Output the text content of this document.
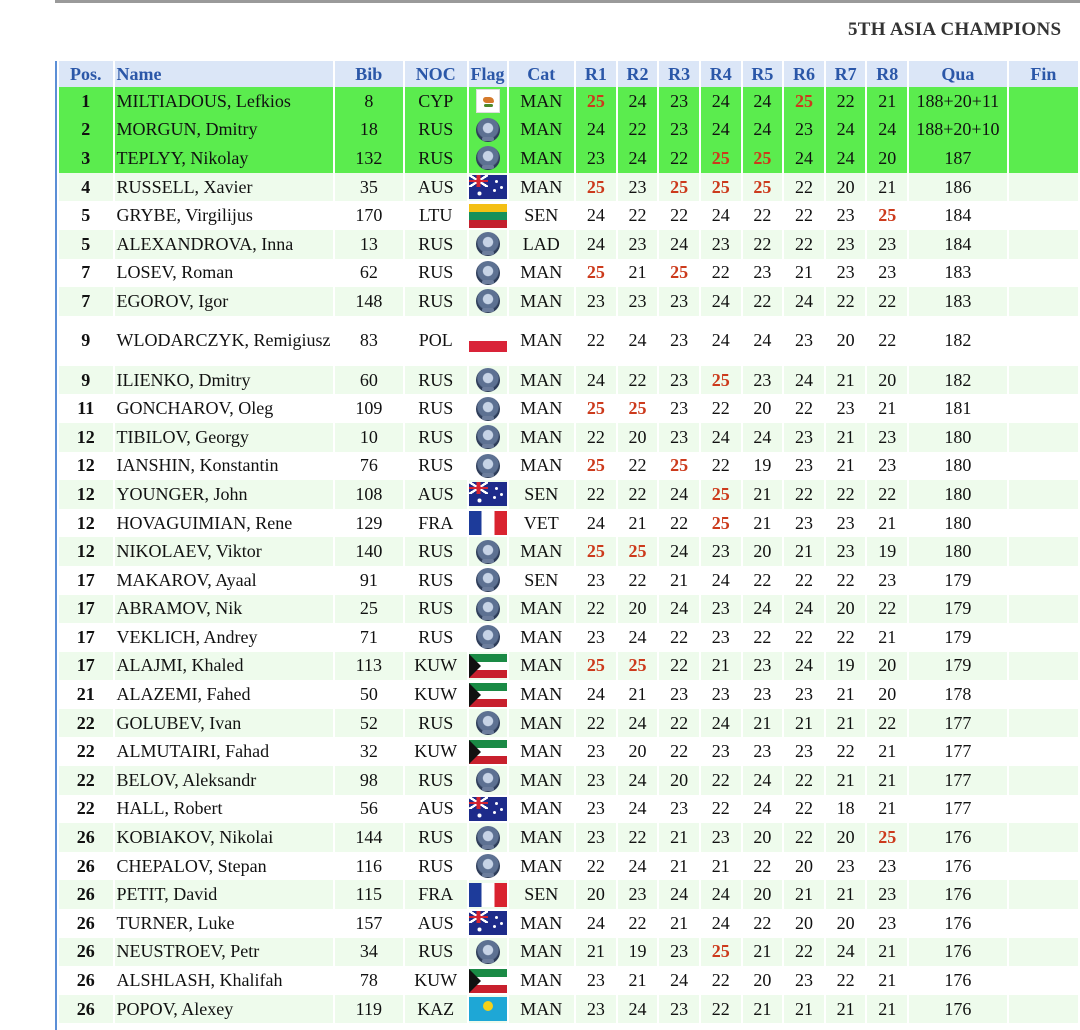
5TH ASIA CHAMPIONS
Pos.	Name	Bib	NOC	Flag	Cat	R1	R2	R3	R4	R5	R6	R7	R8	Qua	Fin
1	MILTIADOUS, Lefkios	8	CYP		MAN	25	24	23	24	24	25	22	21	188+20+11	
2	MORGUN, Dmitry	18	RUS		MAN	24	22	23	24	24	23	24	24	188+20+10	
3	TEPLYY, Nikolay	132	RUS		MAN	23	24	22	25	25	24	24	20	187	
4	RUSSELL, Xavier	35	AUS		MAN	25	23	25	25	25	22	20	21	186	
5	GRYBE, Virgilijus	170	LTU		SEN	24	22	22	24	22	22	23	25	184	
5	ALEXANDROVA, Inna	13	RUS		LAD	24	23	24	23	22	22	23	23	184	
7	LOSEV, Roman	62	RUS		MAN	25	21	25	22	23	21	23	23	183	
7	EGOROV, Igor	148	RUS		MAN	23	23	23	24	22	24	22	22	183	
9	WLODARCZYK, Remigiusz	83	POL		MAN	22	24	23	24	24	23	20	22	182	
9	ILIENKO, Dmitry	60	RUS		MAN	24	22	23	25	23	24	21	20	182	
11	GONCHAROV, Oleg	109	RUS		MAN	25	25	23	22	20	22	23	21	181	
12	TIBILOV, Georgy	10	RUS		MAN	22	20	23	24	24	23	21	23	180	
12	IANSHIN, Konstantin	76	RUS		MAN	25	22	25	22	19	23	21	23	180	
12	YOUNGER, John	108	AUS		SEN	22	22	24	25	21	22	22	22	180	
12	HOVAGUIMIAN, Rene	129	FRA		VET	24	21	22	25	21	23	23	21	180	
12	NIKOLAEV, Viktor	140	RUS		MAN	25	25	24	23	20	21	23	19	180	
17	MAKAROV, Ayaal	91	RUS		SEN	23	22	21	24	22	22	22	23	179	
17	ABRAMOV, Nik	25	RUS		MAN	22	20	24	23	24	24	20	22	179	
17	VEKLICH, Andrey	71	RUS		MAN	23	24	22	23	22	22	22	21	179	
17	ALAJMI, Khaled	113	KUW		MAN	25	25	22	21	23	24	19	20	179	
21	ALAZEMI, Fahed	50	KUW		MAN	24	21	23	23	23	23	21	20	178	
22	GOLUBEV, Ivan	52	RUS		MAN	22	24	22	24	21	21	21	22	177	
22	ALMUTAIRI, Fahad	32	KUW		MAN	23	20	22	23	23	23	22	21	177	
22	BELOV, Aleksandr	98	RUS		MAN	23	24	20	22	24	22	21	21	177	
22	HALL, Robert	56	AUS		MAN	23	24	23	22	24	22	18	21	177	
26	KOBIAKOV, Nikolai	144	RUS		MAN	23	22	21	23	20	22	20	25	176	
26	CHEPALOV, Stepan	116	RUS		MAN	22	24	21	21	22	20	23	23	176	
26	PETIT, David	115	FRA		SEN	20	23	24	24	20	21	21	23	176	
26	TURNER, Luke	157	AUS		MAN	24	22	21	24	22	20	20	23	176	
26	NEUSTROEV, Petr	34	RUS		MAN	21	19	23	25	21	22	24	21	176	
26	ALSHLASH, Khalifah	78	KUW		MAN	23	21	24	22	20	23	22	21	176	
26	POPOV, Alexey	119	KAZ		MAN	23	24	23	22	21	21	21	21	176	
